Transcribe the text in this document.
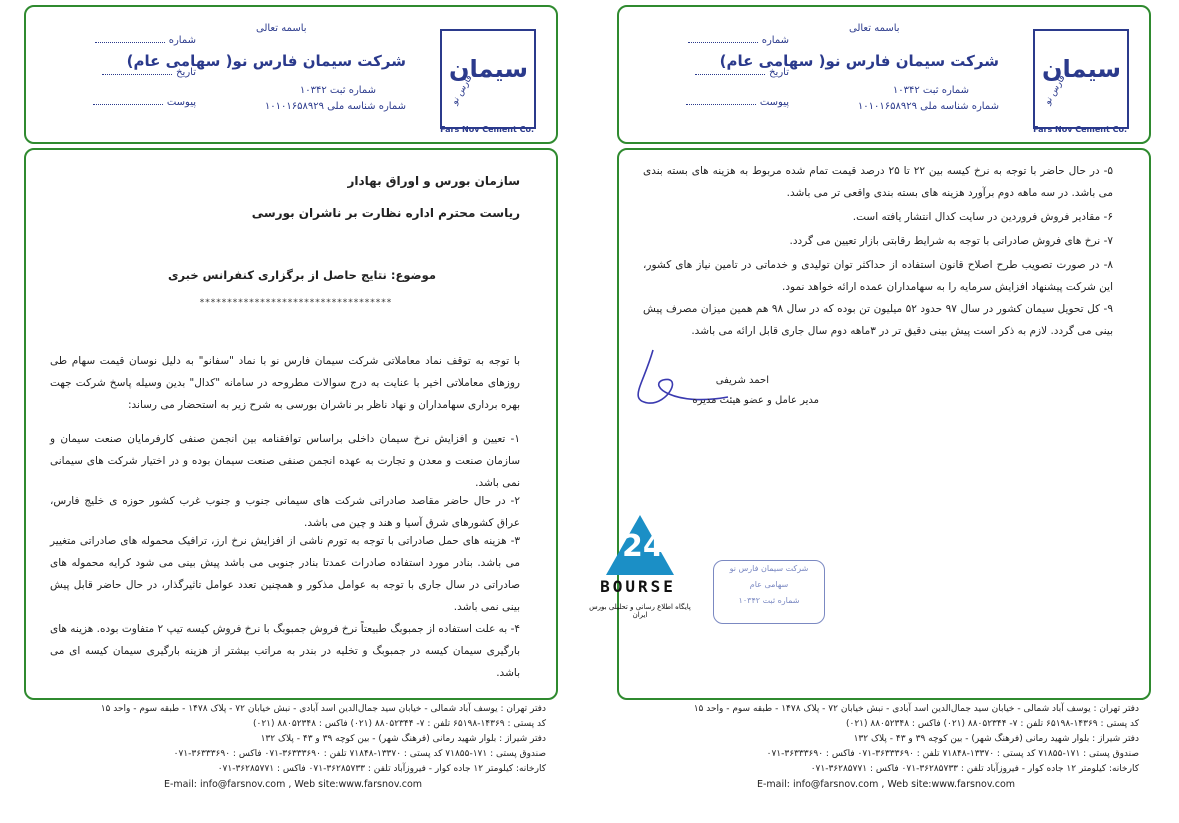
باسمه تعالی
شرکت سیمان فارس نو( سهامی عام)
شماره ثبت ۱۰۳۴۲
شماره شناسه ملی ۱۰۱۰۱۶۵۸۹۲۹
سیمان
فارس نو
Fars Nov Cement Co.
شماره
تاریخ
پیوست
سازمان بورس و اوراق بهادار
ریاست محترم اداره نظارت بر ناشران بورسی
موضوع: نتایج حاصل از برگزاری کنفرانس خبری
***********************************
با توجه به توقف نماد معاملاتی شرکت سیمان فارس نو با نماد "سفانو" به دلیل نوسان قیمت سهام طی روزهای معاملاتی اخیر با عنایت به درج سوالات مطروحه در سامانه "کدال" بدین وسیله پاسخ شرکت جهت بهره برداری سهامداران و نهاد ناظر بر ناشران بورسی به شرح زیر به استحضار می رساند:
۱- تعیین و افزایش نرخ سیمان داخلی براساس توافقنامه بین انجمن صنفی کارفرمایان صنعت سیمان و سازمان صنعت و معدن و تجارت به عهده انجمن صنفی صنعت سیمان بوده و در اختیار شرکت های سیمانی نمی باشد.
۲- در حال حاضر مقاصد صادراتی شرکت های سیمانی جنوب و جنوب غرب کشور حوزه ی خلیج فارس، عراق کشورهای شرق آسیا و هند و چین می باشد.
۳- هزینه های حمل صادراتی با توجه به تورم ناشی از افزایش نرخ ارز، ترافیک محموله های صادراتی متغییر می باشد. بنادر مورد استفاده صادرات عمدتا بنادر جنوبی می باشد پیش بینی می شود کرایه محموله های صادراتی در سال جاری با توجه به عوامل مذکور و همچنین تعدد عوامل تاثیرگذار، در حال حاضر قابل پیش بینی نمی باشد.
۴- به علت استفاده از جمبوبگ طبیعتاً نرخ فروش جمبوبگ با نرخ فروش کیسه تیپ ۲ متفاوت بوده. هزینه های بارگیری سیمان کیسه در جمبوبگ و تخلیه در بندر به مراتب بیشتر از هزینه بارگیری سیمان کیسه ای می باشد.
دفتر تهران : یوسف آباد شمالی - خیابان سید جمال‌الدین اسد آبادی - نبش خیابان ۷۲ - پلاک ۱۴۷۸ - طبقه سوم - واحد ۱۵
کد پستی : ۱۴۳۶۹-۶۵۱۹۸ تلفن : ۷- ۸۸۰۵۲۳۴۴ (۰۲۱) فاکس : ۸۸۰۵۲۳۴۸ (۰۲۱)
دفتر شیراز : بلوار شهید رمانی (فرهنگ شهر) - بین کوچه ۳۹ و ۴۳ - پلاک ۱۳۲
صندوق پستی : ۱۷۱-۷۱۸۵۵ کد پستی : ۱۳۳۷۰-۷۱۸۴۸ تلفن : ۳۶۳۳۳۶۹۰-۰۷۱ فاکس : ۳۶۳۳۳۶۹۰-۰۷۱
کارخانه: کیلومتر ۱۲ جاده کوار - فیروزآباد تلفن : ۳۶۲۸۵۷۳۳-۰۷۱ فاکس : ۳۶۲۸۵۷۷۱-۰۷۱
E-mail: info@farsnov.com , Web site:www.farsnov.com
باسمه تعالی
شرکت سیمان فارس نو( سهامی عام)
شماره ثبت ۱۰۳۴۲
شماره شناسه ملی ۱۰۱۰۱۶۵۸۹۲۹
سیمان
فارس نو
Fars Nov Cement Co.
شماره
تاریخ
پیوست
۵- در حال حاضر با توجه به نرخ کیسه بین ۲۲ تا ۲۵ درصد قیمت تمام شده مربوط به هزینه های بسته بندی می باشد. در سه ماهه دوم برآورد هزینه های بسته بندی واقعی تر می باشد.
۶- مقادیر فروش فروردین در سایت کدال انتشار یافته است.
۷- نرخ های فروش صادراتی با توجه به شرایط رقابتی بازار تعیین می گردد.
۸- در صورت تصویب طرح اصلاح قانون استفاده از حداکثر توان تولیدی و خدماتی در تامین نیاز های کشور، این شرکت پیشنهاد افزایش سرمایه را به سهامداران عمده ارائه خواهد نمود.
۹- کل تحویل سیمان کشور در سال ۹۷ حدود ۵۲ میلیون تن بوده که در سال ۹۸ هم همین میزان مصرف پیش بینی می گردد. لازم به ذکر است پیش بینی دقیق تر در ۳ماهه دوم سال جاری قابل ارائه می باشد.
احمد شریفی
مدیر عامل و عضو هیئت مدیره
شرکت سیمان فارس نو
سهامی عام
شماره ثبت ۱۰۳۴۲
دفتر تهران : یوسف آباد شمالی - خیابان سید جمال‌الدین اسد آبادی - نبش خیابان ۷۲ - پلاک ۱۴۷۸ - طبقه سوم - واحد ۱۵
کد پستی : ۱۴۳۶۹-۶۵۱۹۸ تلفن : ۷- ۸۸۰۵۲۳۴۴ (۰۲۱) فاکس : ۸۸۰۵۲۳۴۸ (۰۲۱)
دفتر شیراز : بلوار شهید رمانی (فرهنگ شهر) - بین کوچه ۳۹ و ۴۳ - پلاک ۱۳۲
صندوق پستی : ۱۷۱-۷۱۸۵۵ کد پستی : ۱۳۳۷۰-۷۱۸۴۸ تلفن : ۳۶۳۳۳۶۹۰-۰۷۱ فاکس : ۳۶۳۳۳۶۹۰-۰۷۱
کارخانه: کیلومتر ۱۲ جاده کوار - فیروزآباد تلفن : ۳۶۲۸۵۷۳۳-۰۷۱ فاکس : ۳۶۲۸۵۷۷۱-۰۷۱
E-mail: info@farsnov.com , Web site:www.farsnov.com
24
BOURSE
پایگاه اطلاع رسانی و تحلیلی بورس ایران
